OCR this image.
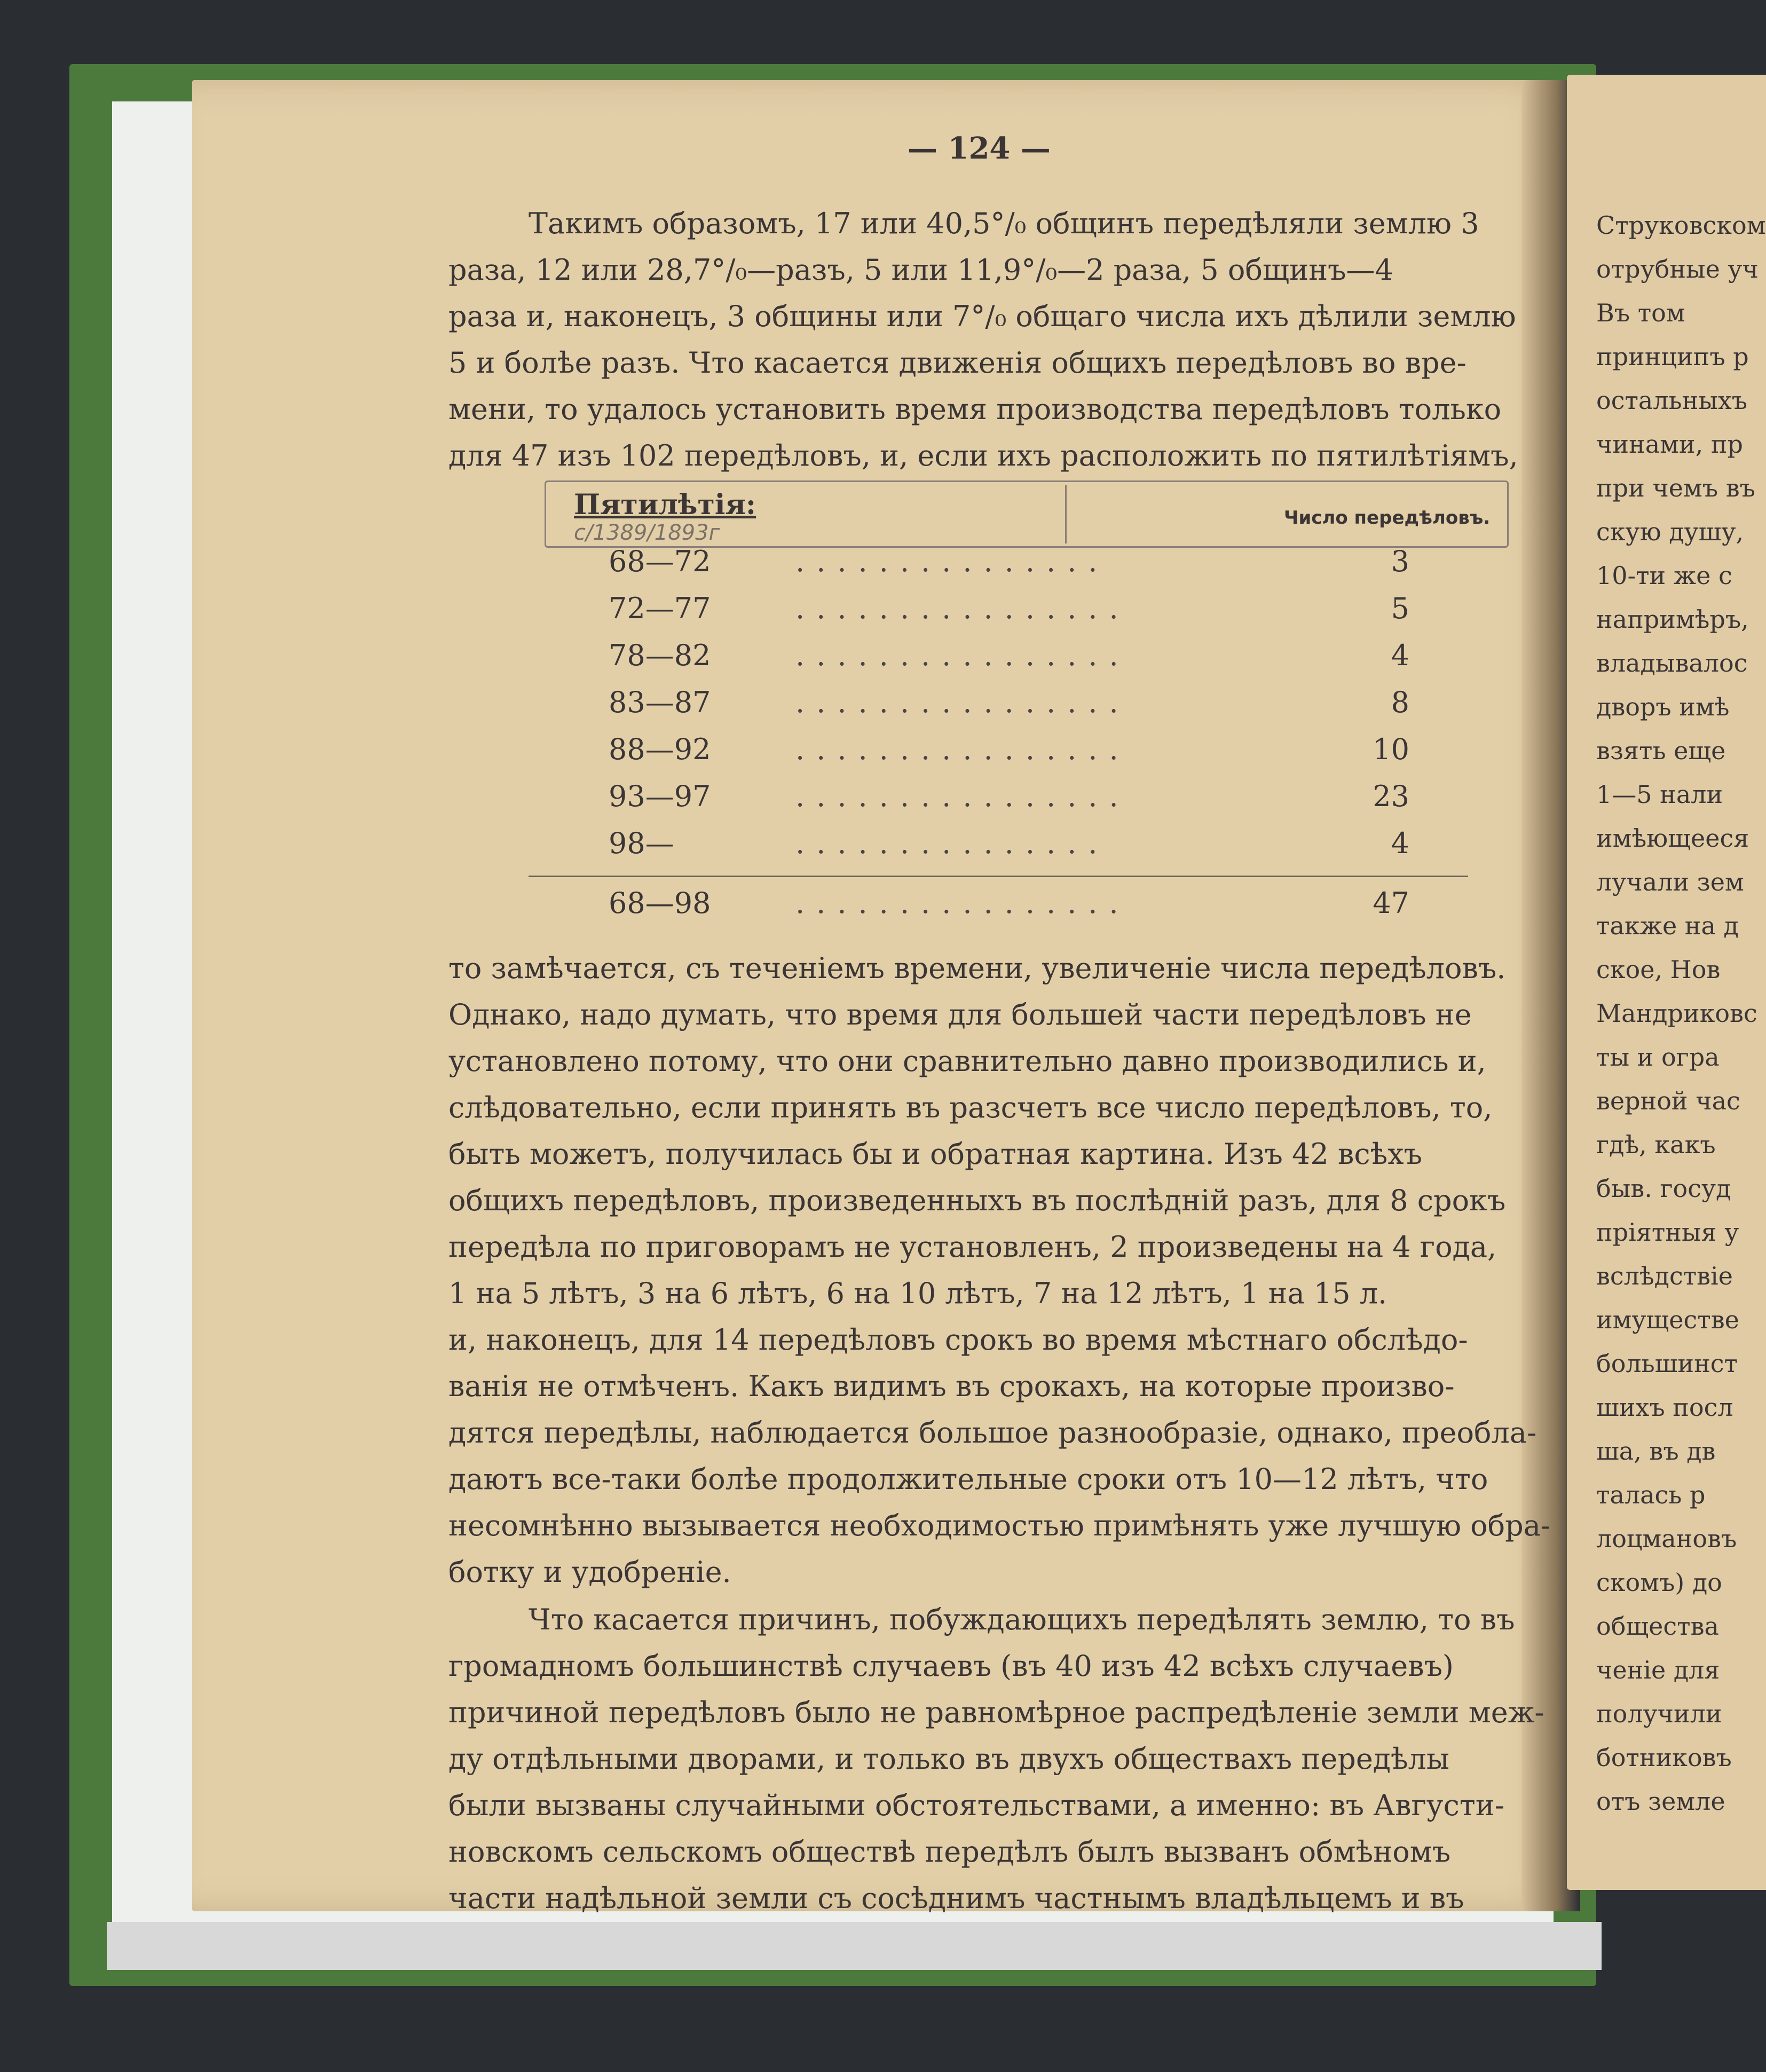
— 124 —
Такимъ образомъ, 17 или 40,5°/₀ общинъ передѣляли землю 3
раза, 12 или 28,7°/₀—разъ, 5 или 11,9°/₀—2 раза, 5 общинъ—4
раза и, наконецъ, 3 общины или 7°/₀ общаго числа ихъ дѣлили землю
5 и болѣе разъ. Что касается движенія общихъ передѣловъ во вре-
мени, то удалось установить время производства передѣловъ только
для 47 изъ 102 передѣловъ, и, если ихъ расположить по пятилѣтіямъ,
Пятилѣтія:	Число передѣловъ.
с/1389/1893г
68—72	...............	3
72—77	................	5
78—82	................	4
83—87	................	8
88—92	................	10
93—97	................	23
98—	...............	4
68—98	................	47
то замѣчается, съ теченіемъ времени, увеличеніе числа передѣловъ.
Однако, надо думать, что время для большей части передѣловъ не
установлено потому, что они сравнительно давно производились и,
слѣдовательно, если принять въ разсчетъ все число передѣловъ, то,
быть можетъ, получилась бы и обратная картина. Изъ 42 всѣхъ
общихъ передѣловъ, произведенныхъ въ послѣдній разъ, для 8 срокъ
передѣла по приговорамъ не установленъ, 2 произведены на 4 года,
1 на 5 лѣтъ, 3 на 6 лѣтъ, 6 на 10 лѣтъ, 7 на 12 лѣтъ, 1 на 15 л.
и, наконецъ, для 14 передѣловъ срокъ во время мѣстнаго обслѣдо-
ванія не отмѣченъ. Какъ видимъ въ срокахъ, на которые произво-
дятся передѣлы, наблюдается большое разнообразіе, однако, преобла-
даютъ все-таки болѣе продолжительные сроки отъ 10—12 лѣтъ, что
несомнѣнно вызывается необходимостью примѣнять уже лучшую обра-
ботку и удобреніе.
Что касается причинъ, побуждающихъ передѣлять землю, то въ
громадномъ большинствѣ случаевъ (въ 40 изъ 42 всѣхъ случаевъ)
причиной передѣловъ было не равномѣрное распредѣленіе земли меж-
ду отдѣльными дворами, и только въ двухъ обществахъ передѣлы
были вызваны случайными обстоятельствами, а именно: въ Августи-
новскомъ сельскомъ обществѣ передѣлъ былъ вызванъ обмѣномъ
части надѣльной земли съ сосѣднимъ частнымъ владѣльцемъ и въ
Струковском
отрубные уч
Въ том
принципъ р
остальныхъ
чинами, пр
при чемъ въ
скую душу,
10-ти же с
напримѣръ,
владывалос
дворъ имѣ
взять еще
1—5 нали
имѣющееся
лучали зем
также на д
ское, Нов
Мандриковс
ты и огра
верной час
гдѣ, какъ
быв. госуд
пріятныя у
вслѣдствіе
имуществе
большинст
шихъ посл
ша, въ дв
талась р
лоцмановъ
скомъ) до
общества
ченіе для
получили
ботниковъ
отъ земле
